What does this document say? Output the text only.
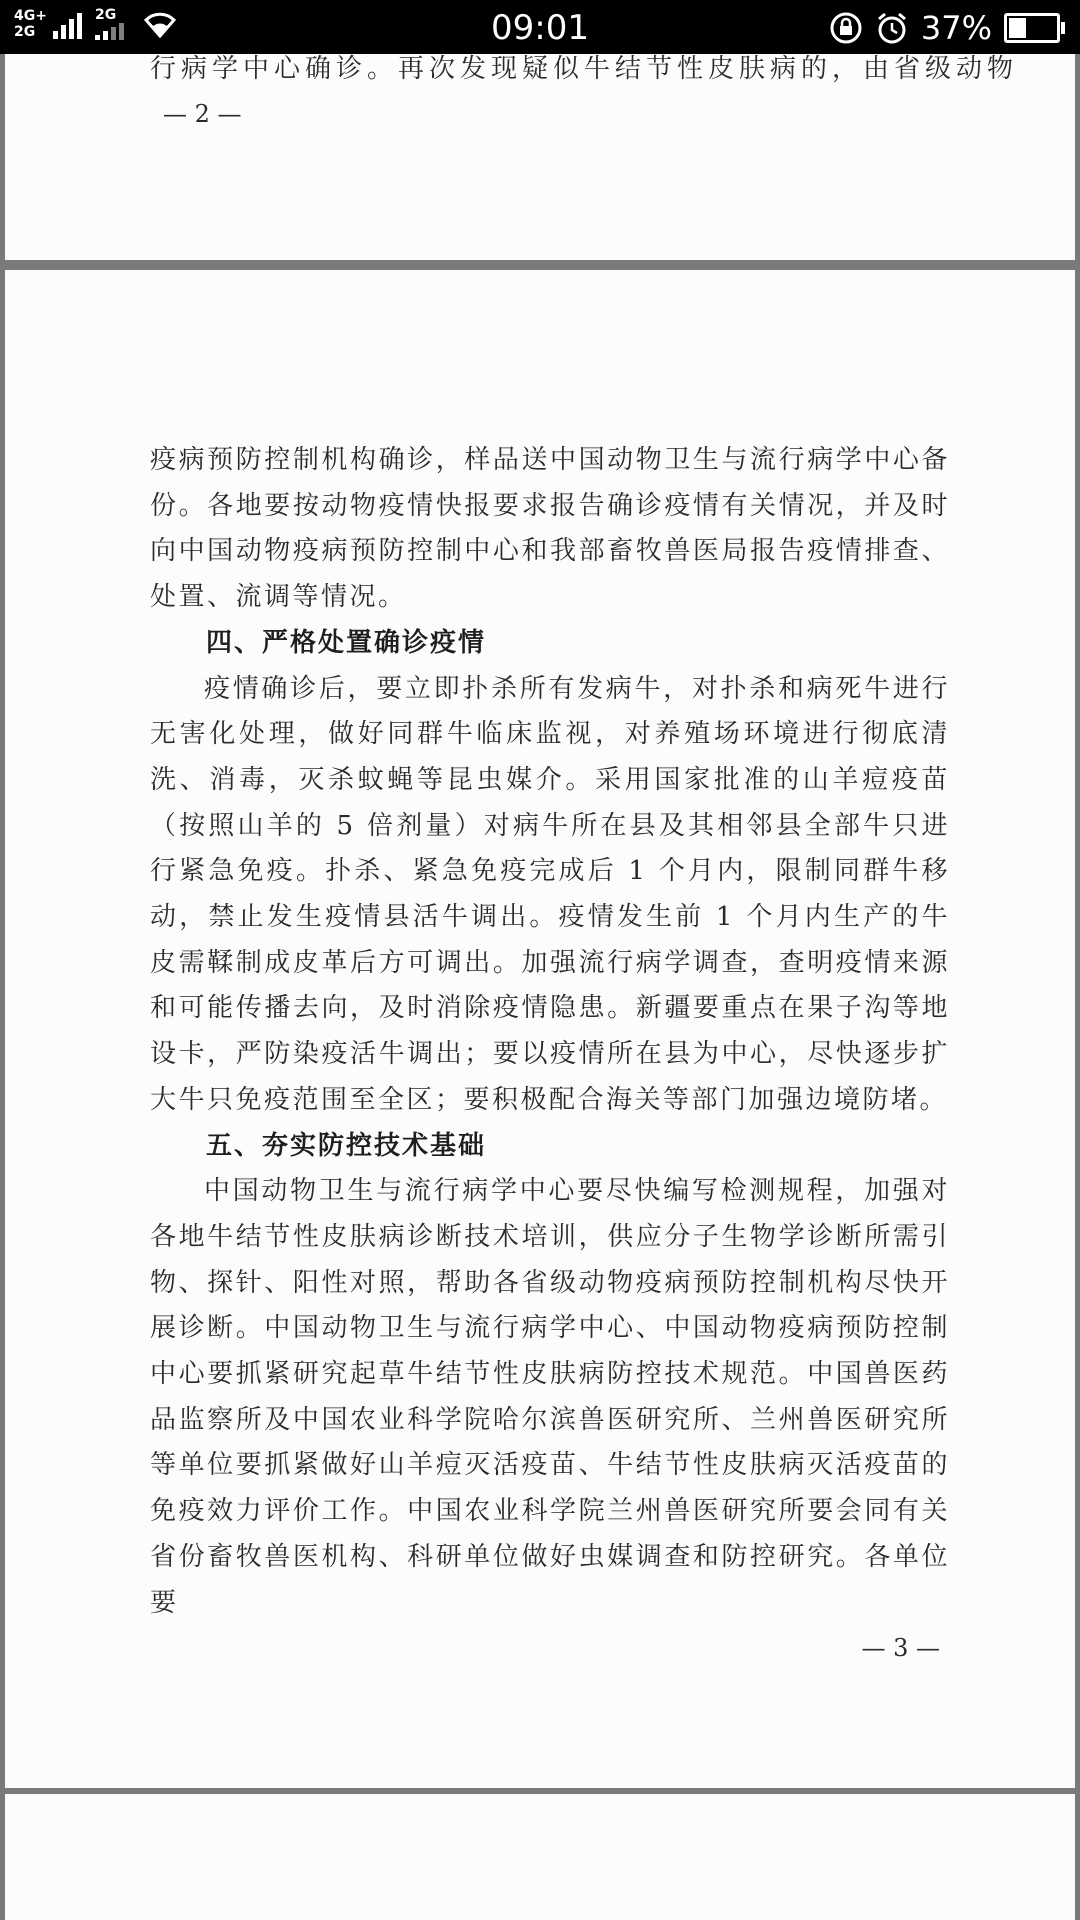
4G+
2G
2G	09:01	37%
行病学中心确诊。再次发现疑似牛结节性皮肤病的，由省级动物
— 2 —

疫病预防控制机构确诊，样品送中国动物卫生与流行病学中心备份。各地要按动物疫情快报要求报告确诊疫情有关情况，并及时向中国动物疫病预防控制中心和我部畜牧兽医局报告疫情排查、处置、流调等情况。

四、严格处置确诊疫情

疫情确诊后，要立即扑杀所有发病牛，对扑杀和病死牛进行无害化处理，做好同群牛临床监视，对养殖场环境进行彻底清洗、消毒，灭杀蚊蝇等昆虫媒介。采用国家批准的山羊痘疫苗（按照山羊的 5 倍剂量）对病牛所在县及其相邻县全部牛只进行紧急免疫。扑杀、紧急免疫完成后 1 个月内，限制同群牛移动，禁止发生疫情县活牛调出。疫情发生前 1 个月内生产的牛皮需鞣制成皮革后方可调出。加强流行病学调查，查明疫情来源和可能传播去向，及时消除疫情隐患。新疆要重点在果子沟等地设卡，严防染疫活牛调出；要以疫情所在县为中心，尽快逐步扩大牛只免疫范围至全区；要积极配合海关等部门加强边境防堵。

五、夯实防控技术基础

中国动物卫生与流行病学中心要尽快编写检测规程，加强对各地牛结节性皮肤病诊断技术培训，供应分子生物学诊断所需引物、探针、阳性对照，帮助各省级动物疫病预防控制机构尽快开展诊断。中国动物卫生与流行病学中心、中国动物疫病预防控制中心要抓紧研究起草牛结节性皮肤病防控技术规范。中国兽医药品监察所及中国农业科学院哈尔滨兽医研究所、兰州兽医研究所等单位要抓紧做好山羊痘灭活疫苗、牛结节性皮肤病灭活疫苗的免疫效力评价工作。中国农业科学院兰州兽医研究所要会同有关省份畜牧兽医机构、科研单位做好虫媒调查和防控研究。各单位要

— 3 —
